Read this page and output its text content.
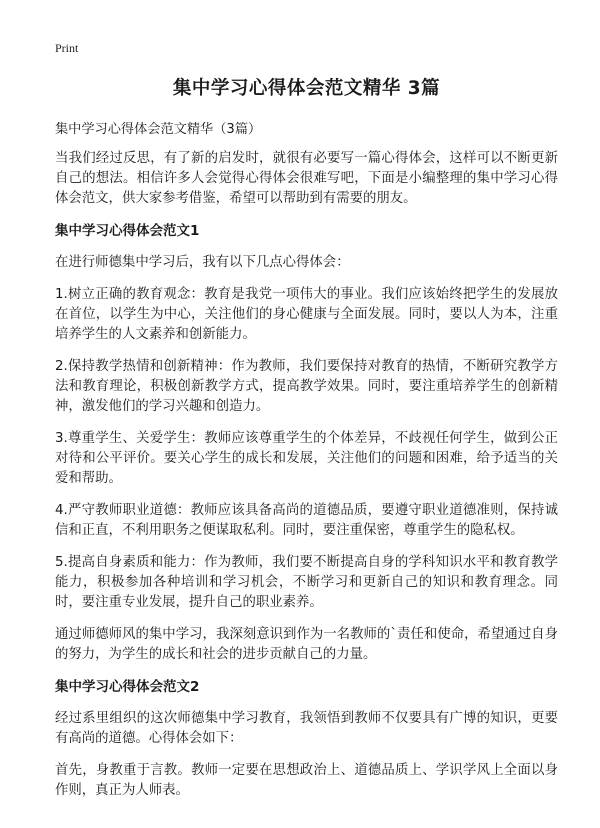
Print
集中学习心得体会范文精华 3篇
集中学习心得体会范文精华（3篇）
当我们经过反思，有了新的启发时，就很有必要写一篇心得体会，这样可以不断更新自己的想法。相信许多人会觉得心得体会很难写吧，下面是小编整理的集中学习心得体会范文，供大家参考借鉴，希望可以帮助到有需要的朋友。
集中学习心得体会范文1
在进行师德集中学习后，我有以下几点心得体会：
1.树立正确的教育观念：教育是我党一项伟大的事业。我们应该始终把学生的发展放在首位，以学生为中心，关注他们的身心健康与全面发展。同时，要以人为本，注重培养学生的人文素养和创新能力。
2.保持教学热情和创新精神：作为教师，我们要保持对教育的热情，不断研究教学方法和教育理论，积极创新教学方式，提高教学效果。同时，要注重培养学生的创新精神，激发他们的学习兴趣和创造力。
3.尊重学生、关爱学生：教师应该尊重学生的个体差异，不歧视任何学生，做到公正对待和公平评价。要关心学生的成长和发展，关注他们的问题和困难，给予适当的关爱和帮助。
4.严守教师职业道德：教师应该具备高尚的道德品质，要遵守职业道德准则，保持诚信和正直，不利用职务之便谋取私利。同时，要注重保密，尊重学生的隐私权。
5.提高自身素质和能力：作为教师，我们要不断提高自身的学科知识水平和教育教学能力，积极参加各种培训和学习机会，不断学习和更新自己的知识和教育理念。同时，要注重专业发展，提升自己的职业素养。
通过师德师风的集中学习，我深刻意识到作为一名教师的`责任和使命，希望通过自身的努力，为学生的成长和社会的进步贡献自己的力量。
集中学习心得体会范文2
经过系里组织的这次师德集中学习教育，我领悟到教师不仅要具有广博的知识，更要有高尚的道德。心得体会如下：
首先，身教重于言教。教师一定要在思想政治上、道德品质上、学识学风上全面以身作则，真正为人师表。
